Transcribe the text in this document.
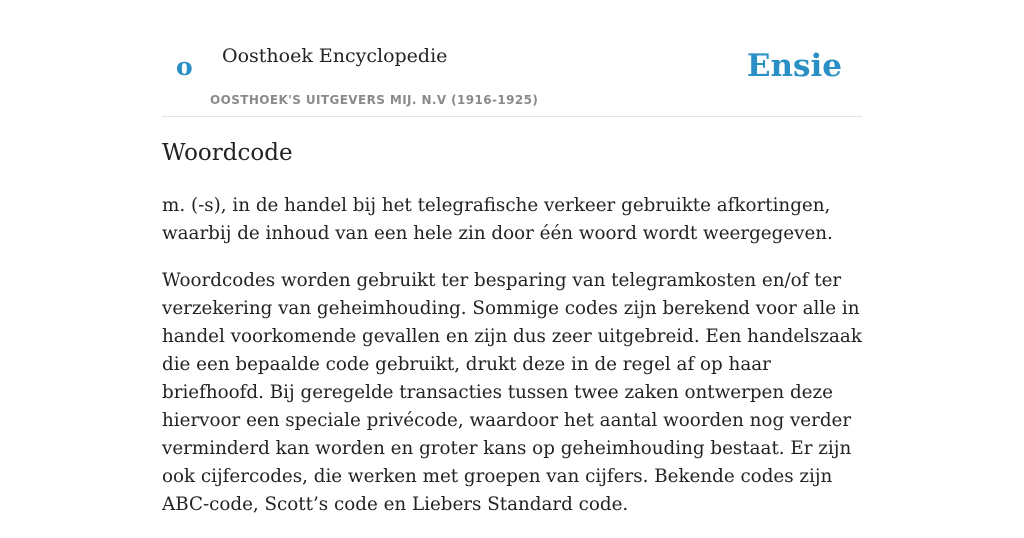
o Oosthoek Encyclopedie
OOSTHOEK'S UITGEVERS MIJ. N.V (1916-1925)
Ensie
Woordcode

m. (-s), in de handel bij het telegrafische verkeer gebruikte afkortingen, waarbij de inhoud van een hele zin door één woord wordt weergegeven.

Woordcodes worden gebruikt ter besparing van telegramkosten en/of ter verzekering van geheimhouding. Sommige codes zijn berekend voor alle in handel voorkomende gevallen en zijn dus zeer uitgebreid. Een handelszaak die een bepaalde code gebruikt, drukt deze in de regel af op haar briefhoofd. Bij geregelde transacties tussen twee zaken ontwerpen deze hiervoor een speciale privécode, waardoor het aantal woorden nog verder verminderd kan worden en groter kans op geheimhouding bestaat. Er zijn ook cijfercodes, die werken met groepen van cijfers. Bekende codes zijn ABC-code, Scott’s code en Liebers Standard code.
